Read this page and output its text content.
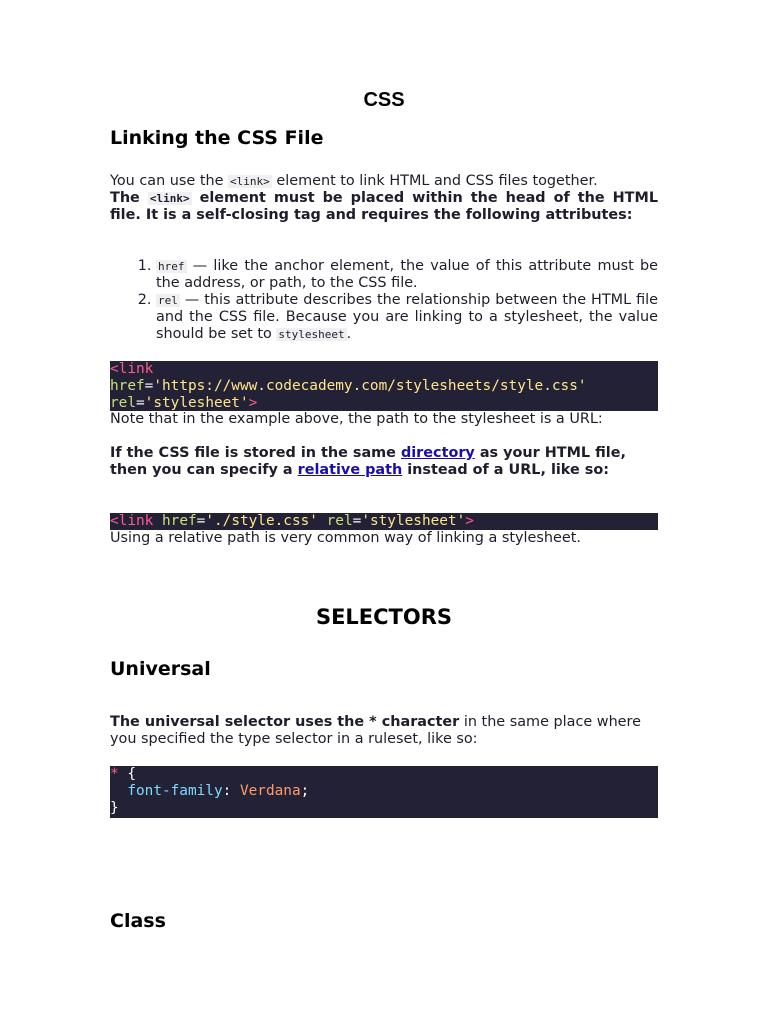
CSS
Linking the CSS File

You can use the <link> element to link HTML and CSS files together.
The <link> element must be placed within the head of the HTML file. It is a self-closing tag and requires the following attributes:

1. href — like the anchor element, the value of this attribute must be the address, or path, to the CSS file.
2. rel — this attribute describes the relationship between the HTML file and the CSS file. Because you are linking to a stylesheet, the value should be set to stylesheet .
<link
href='https://www.codecademy.com/stylesheets/style.css'
rel='stylesheet'>

Note that in the example above, the path to the stylesheet is a URL:

If the CSS file is stored in the same directory as your HTML file, then you can specify a relative path instead of a URL, like so:

<link href='./style.css' rel='stylesheet'>

Using a relative path is very common way of linking a stylesheet.

SELECTORS
Universal

The universal selector uses the * character in the same place where you specified the type selector in a ruleset, like so:

* {
font-family: Verdana;
}
Class
